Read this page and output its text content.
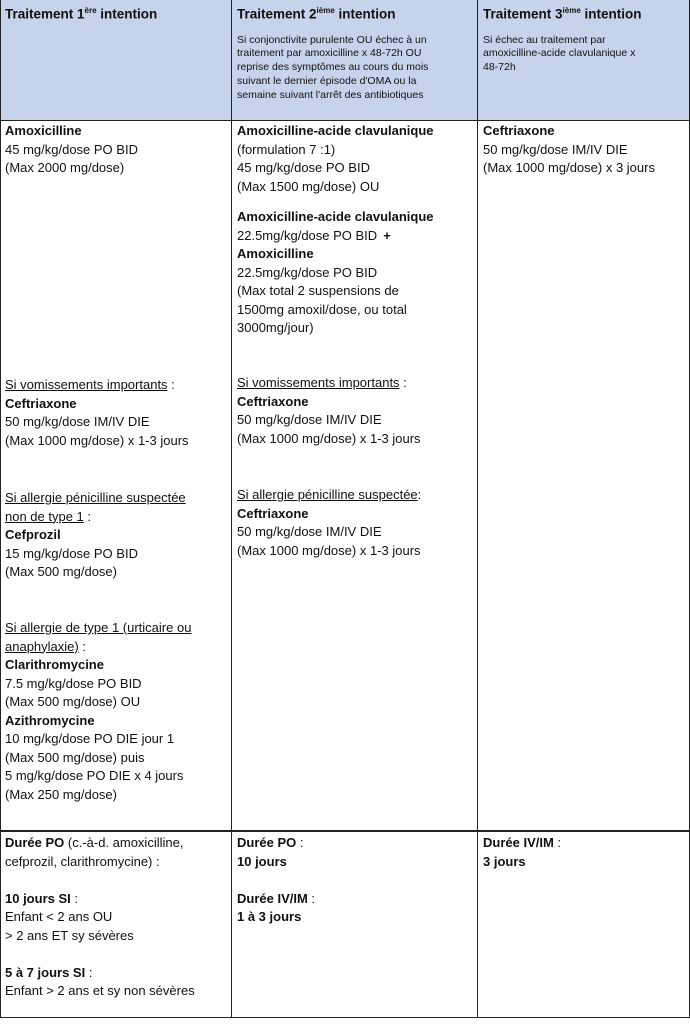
Traitement 1ère intention	Traitement 2ième intention
Si conjonctivite purulente OU échec à un
traitement par amoxicilline x 48-72h OU
reprise des symptômes au cours du mois
suivant le dernier épisode d'OMA ou la
semaine suivant l'arrêt des antibiotiques
Traitement 3ième intention
Si échec au traitement par
amoxicilline-acide clavulanique x
48-72h
Amoxicilline
45 mg/kg/dose PO BID
(Max 2000 mg/dose)
Si vomissements importants :
Ceftriaxone
50 mg/kg/dose IM/IV DIE
(Max 1000 mg/dose) x 1-3 jours
Si allergie pénicilline suspectée
non de type 1 :
Cefprozil
15 mg/kg/dose PO BID
(Max 500 mg/dose)
Si allergie de type 1 (urticaire ou
anaphylaxie) :
Clarithromycine
7.5 mg/kg/dose PO BID
(Max 500 mg/dose) OU
Azithromycine
10 mg/kg/dose PO DIE jour 1
(Max 500 mg/dose) puis
5 mg/kg/dose PO DIE x 4 jours
(Max 250 mg/dose)
Amoxicilline-acide clavulanique
(formulation 7 :1)
45 mg/kg/dose PO BID
(Max 1500 mg/dose) OU
Amoxicilline-acide clavulanique
22.5mg/kg/dose PO BID +
Amoxicilline
22.5mg/kg/dose PO BID
(Max total 2 suspensions de
1500mg amoxil/dose, ou total
3000mg/jour)
Si vomissements importants :
Ceftriaxone
50 mg/kg/dose IM/IV DIE
(Max 1000 mg/dose) x 1-3 jours
Si allergie pénicilline suspectée:
Ceftriaxone
50 mg/kg/dose IM/IV DIE
(Max 1000 mg/dose) x 1-3 jours
Ceftriaxone
50 mg/kg/dose IM/IV DIE
(Max 1000 mg/dose) x 3 jours
Durée PO (c.-à-d. amoxicilline,
cefprozil, clarithromycine) :
10 jours SI :
Enfant < 2 ans OU
> 2 ans ET sy sévères
5 à 7 jours SI :
Enfant > 2 ans et sy non sévères
Durée PO :
10 jours
Durée IV/IM :
1 à 3 jours
Durée IV/IM :
3 jours
